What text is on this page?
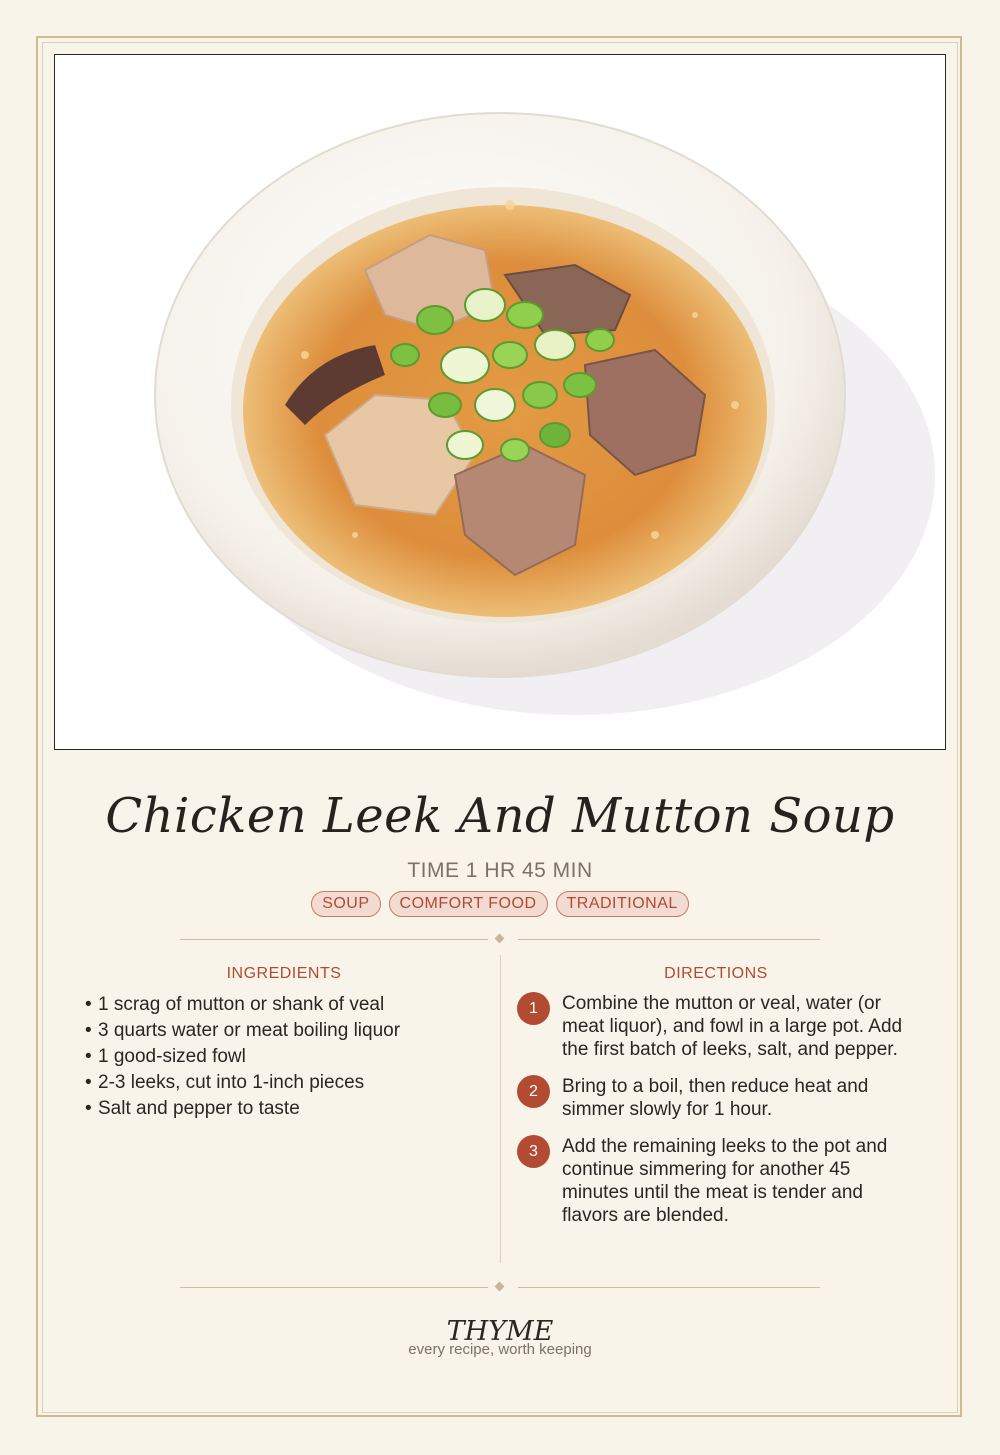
Chicken Leek And Mutton Soup
TIME 1 HR 45 MIN
SOUP	COMFORT FOOD	TRADITIONAL
INGREDIENTS
• 1 scrag of mutton or shank of veal
• 3 quarts water or meat boiling liquor
• 1 good-sized fowl
• 2-3 leeks, cut into 1-inch pieces
• Salt and pepper to taste
DIRECTIONS
1	Combine the mutton or veal, water (or meat liquor), and fowl in a large pot. Add the first batch of leeks, salt, and pepper.
2	Bring to a boil, then reduce heat and simmer slowly for 1 hour.
3	Add the remaining leeks to the pot and continue simmering for another 45 minutes until the meat is tender and flavors are blended.
THYME
every recipe, worth keeping
